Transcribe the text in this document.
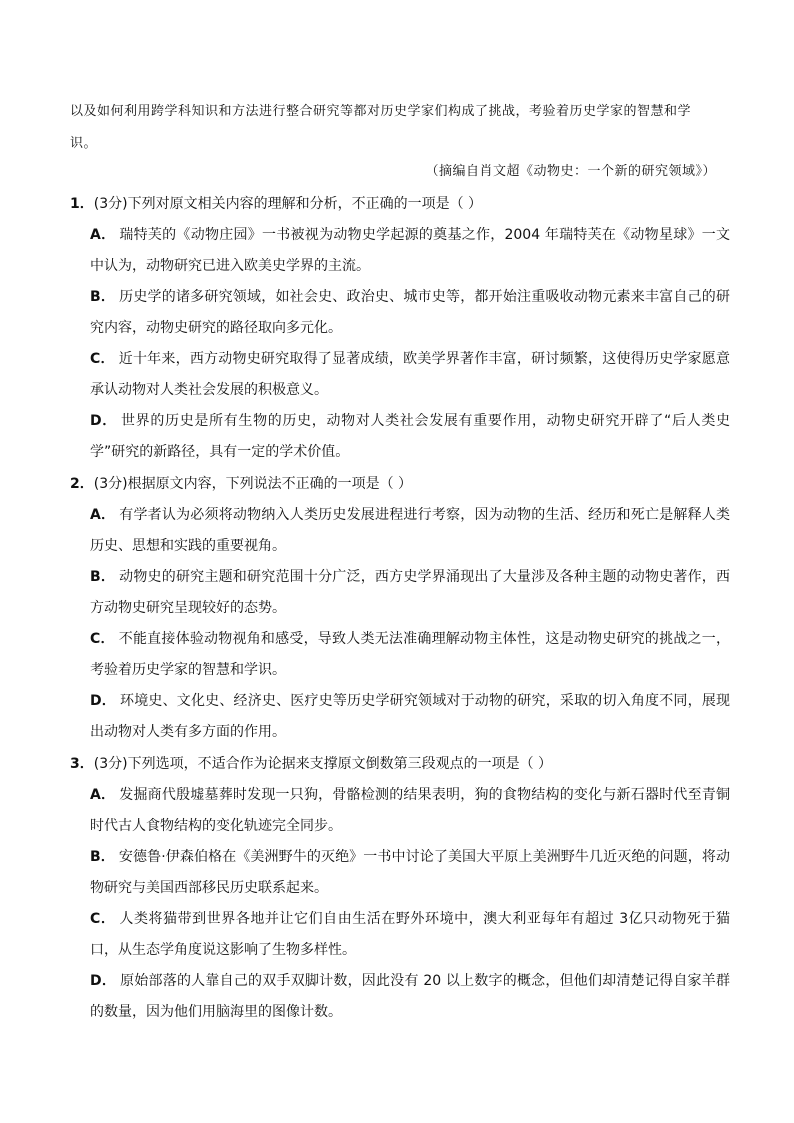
以及如何利用跨学科知识和方法进行整合研究等都对历史学家们构成了挑战，考验着历史学家的智慧和学
识。
（摘编自肖文超《动物史：一个新的研究领域》）
1．(3分)下列对原文相关内容的理解和分析，不正确的一项是（ ）
A． 瑞特芙的《动物庄园》一书被视为动物史学起源的奠基之作，2004 年瑞特芙在《动物星球》一文中认为，动物研究已进入欧美史学界的主流。
B． 历史学的诸多研究领域，如社会史、政治史、城市史等，都开始注重吸收动物元素来丰富自己的研究内容，动物史研究的路径取向多元化。
C． 近十年来，西方动物史研究取得了显著成绩，欧美学界著作丰富，研讨频繁，这使得历史学家愿意承认动物对人类社会发展的积极意义。
D． 世界的历史是所有生物的历史，动物对人类社会发展有重要作用，动物史研究开辟了“后人类史学”研究的新路径，具有一定的学术价值。
2．(3分)根据原文内容，下列说法不正确的一项是（ ）
A． 有学者认为必须将动物纳入人类历史发展进程进行考察，因为动物的生活、经历和死亡是解释人类历史、思想和实践的重要视角。
B． 动物史的研究主题和研究范围十分广泛，西方史学界涌现出了大量涉及各种主题的动物史著作，西方动物史研究呈现较好的态势。
C． 不能直接体验动物视角和感受，导致人类无法准确理解动物主体性，这是动物史研究的挑战之一，考验着历史学家的智慧和学识。
D． 环境史、文化史、经济史、医疗史等历史学研究领域对于动物的研究，采取的切入角度不同，展现出动物对人类有多方面的作用。
3．(3分)下列选项，不适合作为论据来支撑原文倒数第三段观点的一项是（ ）
A． 发掘商代殷墟墓葬时发现一只狗，骨骼检测的结果表明，狗的食物结构的变化与新石器时代至青铜时代古人食物结构的变化轨迹完全同步。
B． 安德鲁·伊森伯格在《美洲野牛的灭绝》一书中讨论了美国大平原上美洲野牛几近灭绝的问题，将动物研究与美国西部移民历史联系起来。
C． 人类将猫带到世界各地并让它们自由生活在野外环境中，澳大利亚每年有超过 3亿只动物死于猫口，从生态学角度说这影响了生物多样性。
D． 原始部落的人靠自己的双手双脚计数，因此没有 20 以上数字的概念，但他们却清楚记得自家羊群的数量，因为他们用脑海里的图像计数。
